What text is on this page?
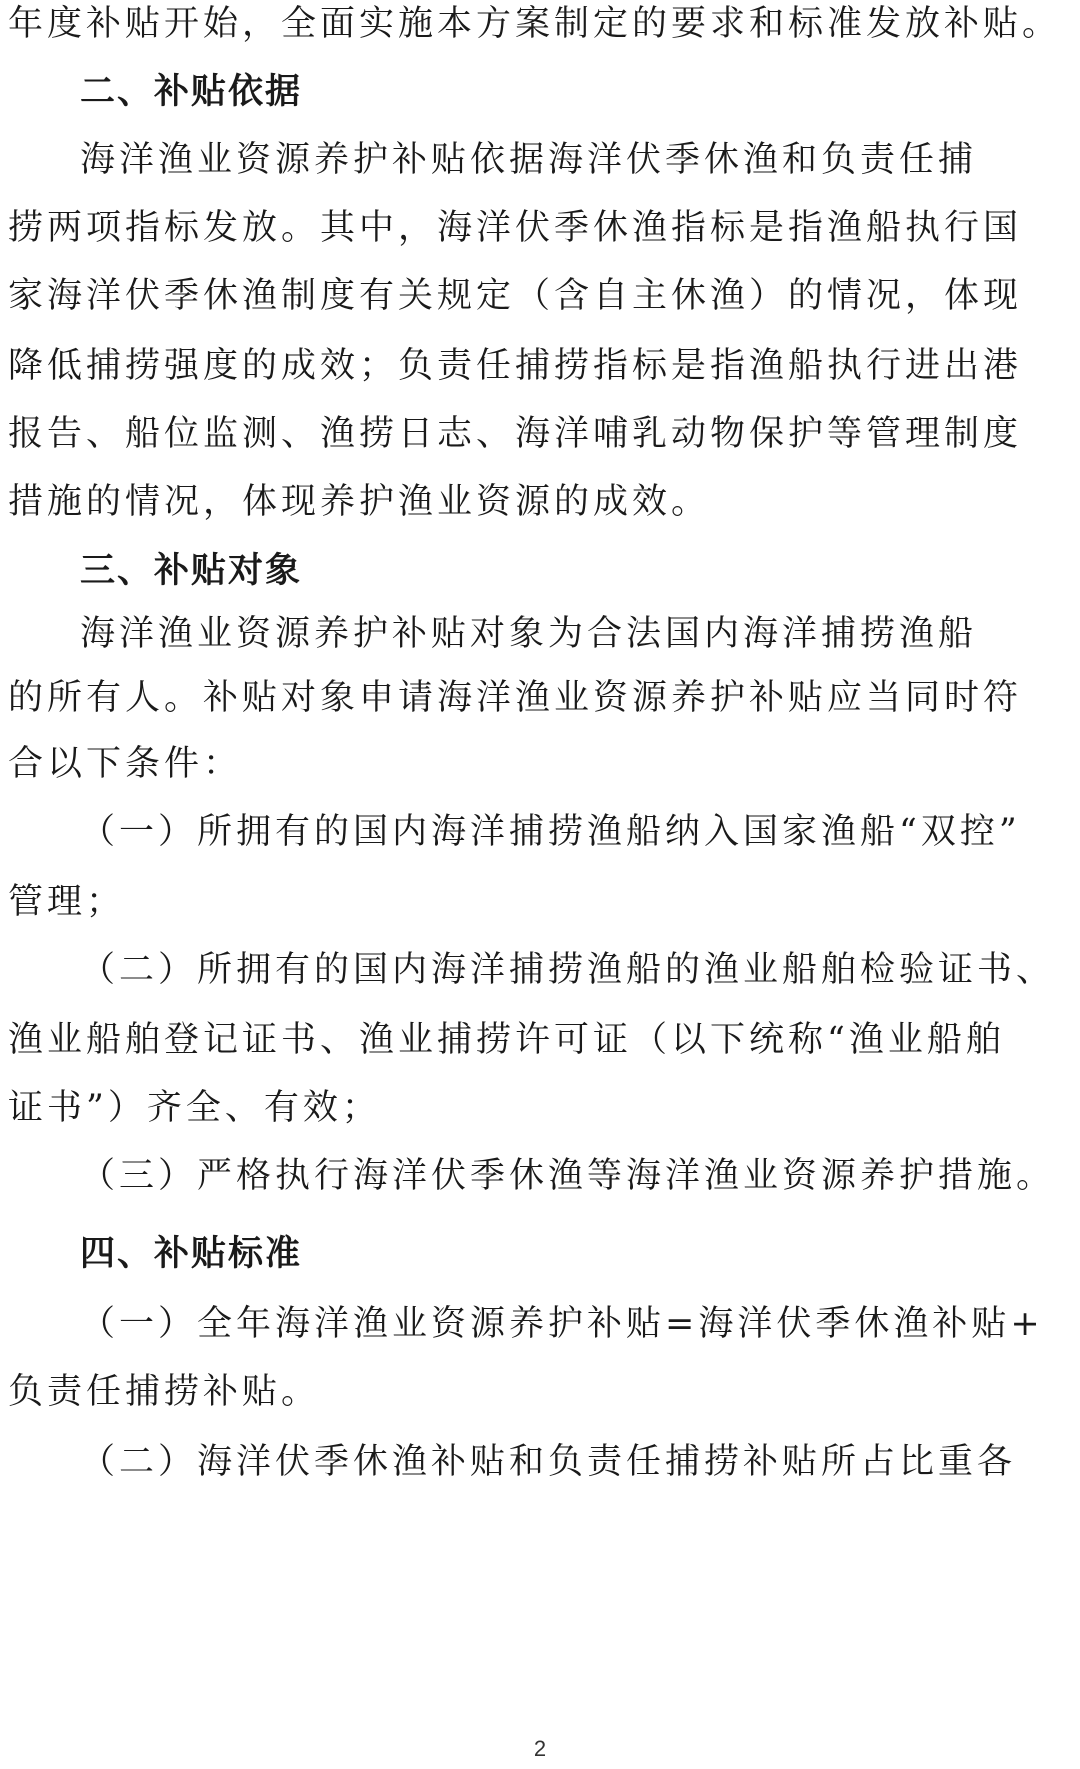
年度补贴开始，全面实施本方案制定的要求和标准发放补贴。
二、补贴依据
海洋渔业资源养护补贴依据海洋伏季休渔和负责任捕
捞两项指标发放。其中，海洋伏季休渔指标是指渔船执行国
家海洋伏季休渔制度有关规定（含自主休渔）的情况，体现
降低捕捞强度的成效；负责任捕捞指标是指渔船执行进出港
报告、船位监测、渔捞日志、海洋哺乳动物保护等管理制度
措施的情况，体现养护渔业资源的成效。
三、补贴对象
海洋渔业资源养护补贴对象为合法国内海洋捕捞渔船
的所有人。补贴对象申请海洋渔业资源养护补贴应当同时符
合以下条件：
（一）所拥有的国内海洋捕捞渔船纳入国家渔船“双控”
管理；
（二）所拥有的国内海洋捕捞渔船的渔业船舶检验证书、
渔业船舶登记证书、渔业捕捞许可证（以下统称“渔业船舶
证书”）齐全、有效；
（三）严格执行海洋伏季休渔等海洋渔业资源养护措施。
四、补贴标准
（一）全年海洋渔业资源养护补贴=海洋伏季休渔补贴+
负责任捕捞补贴。
（二）海洋伏季休渔补贴和负责任捕捞补贴所占比重各
2
